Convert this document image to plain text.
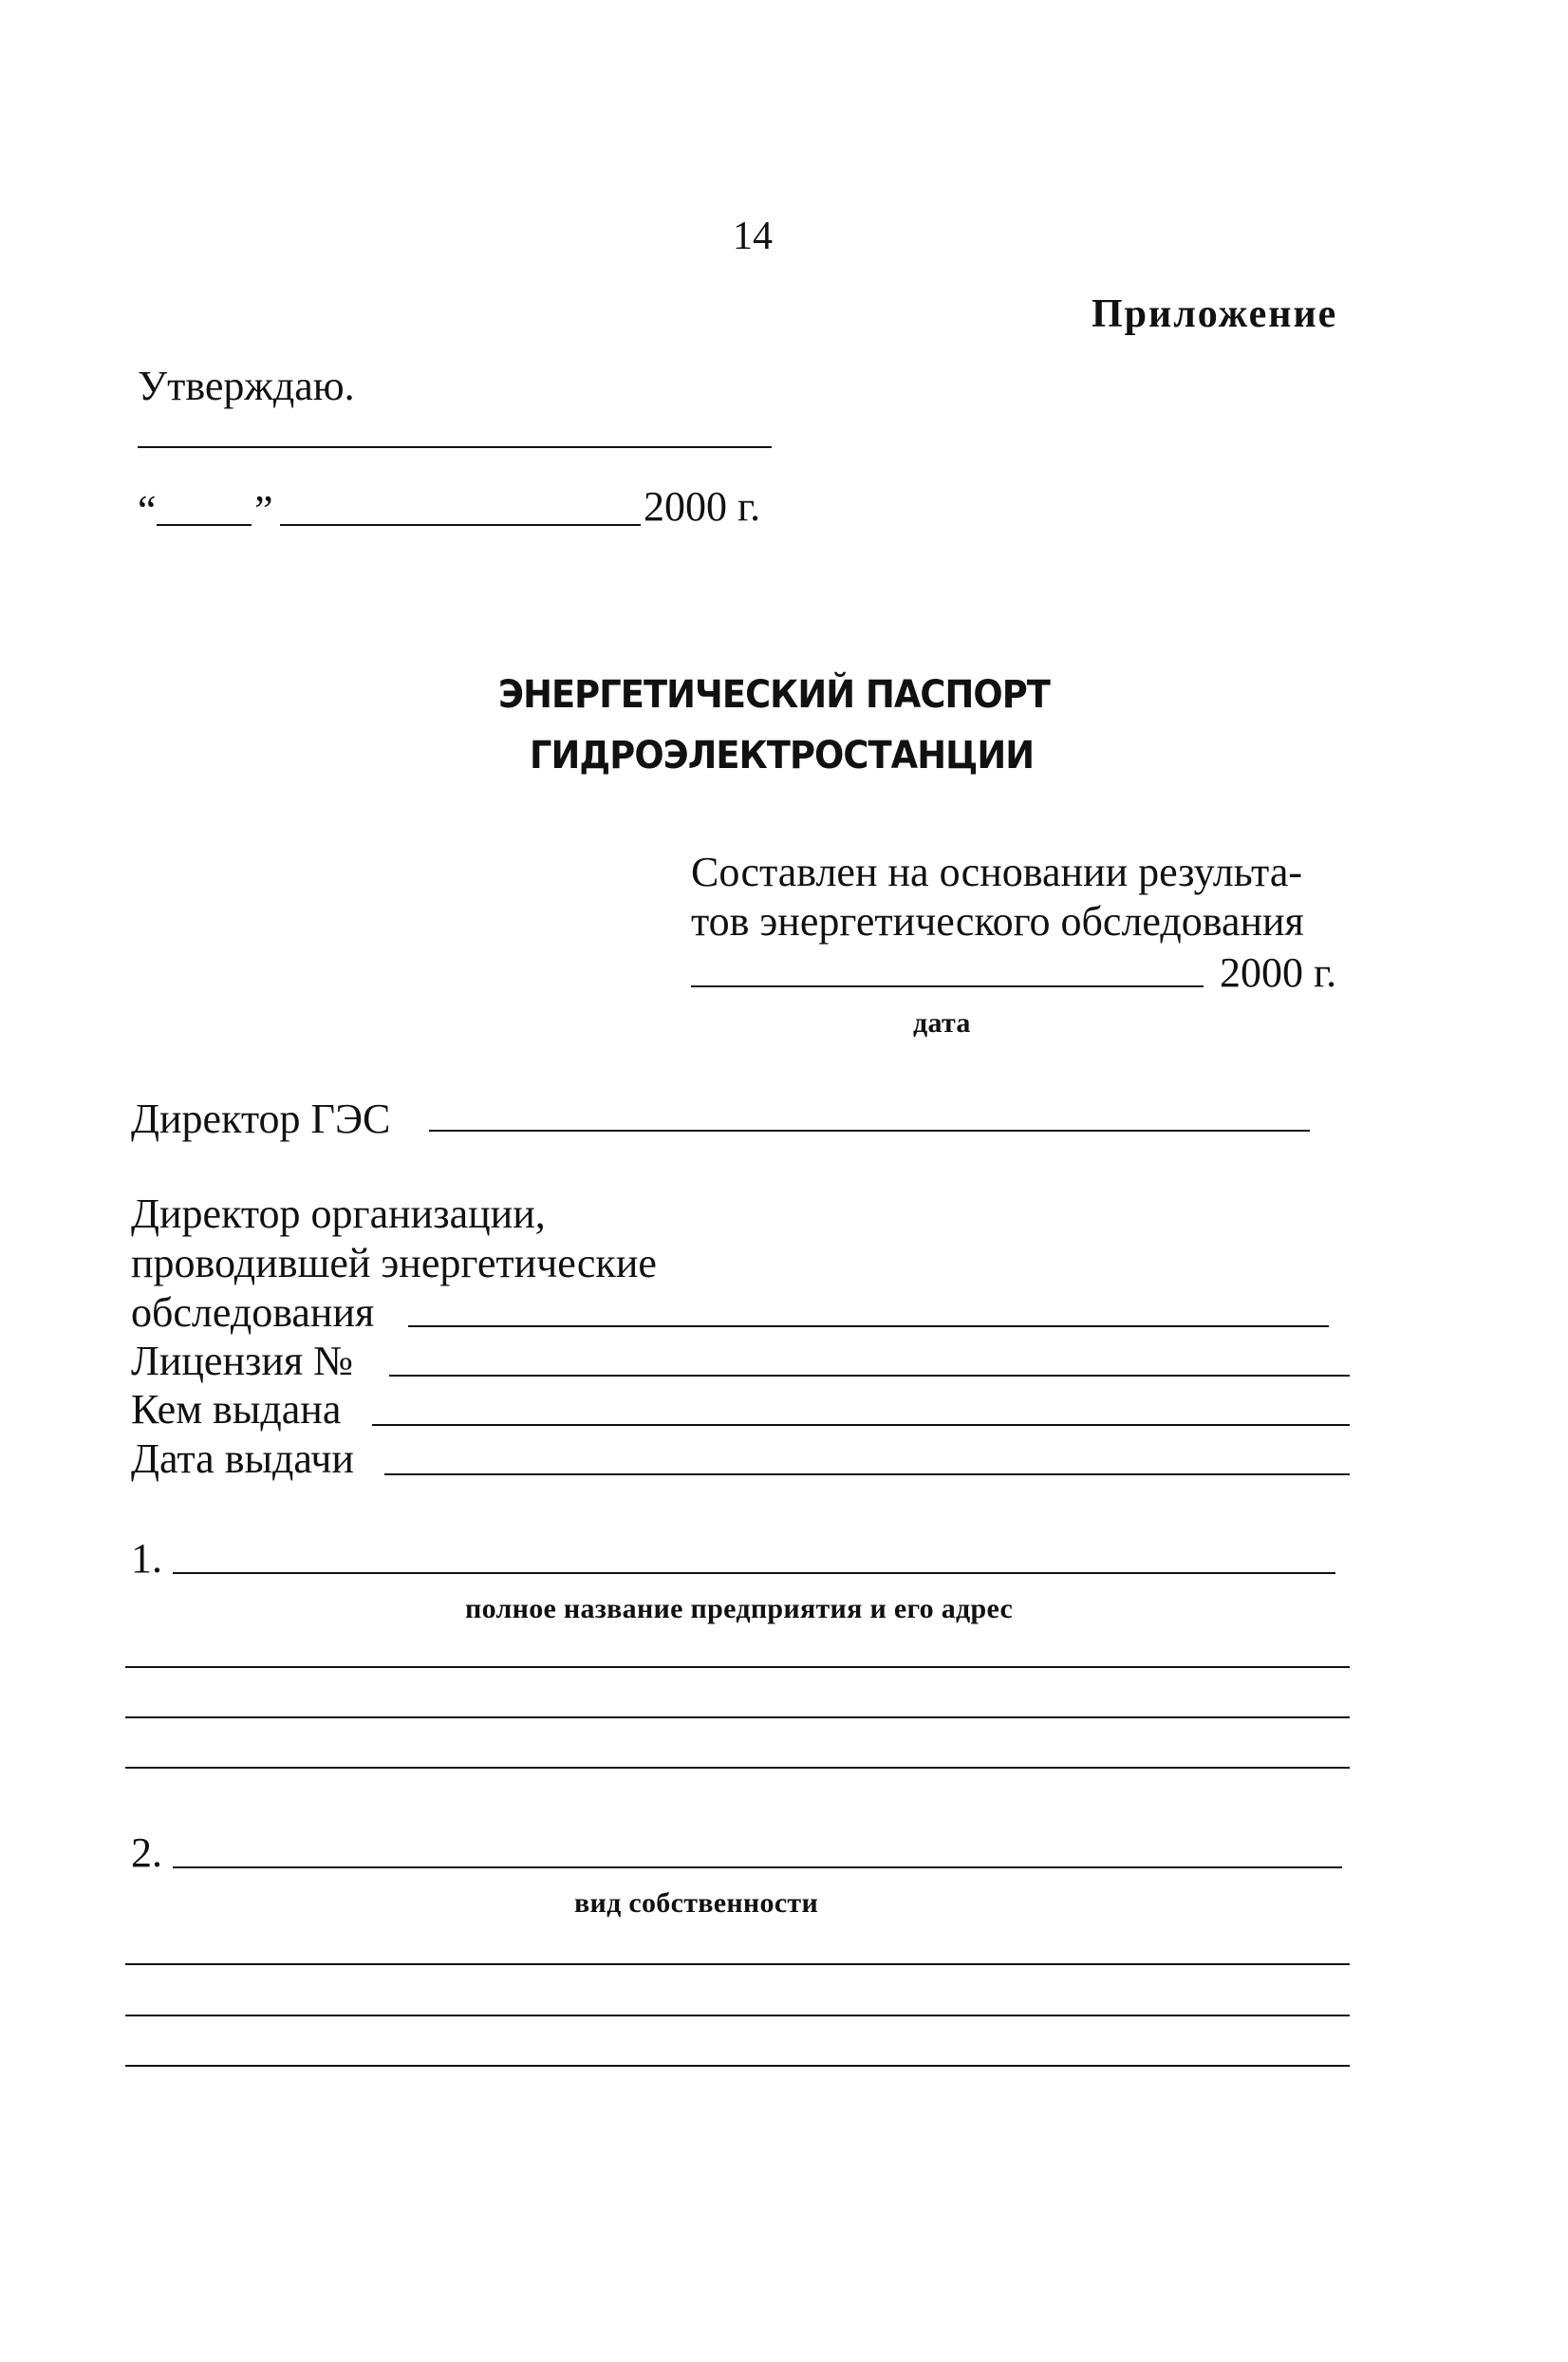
14
Приложение
Утверждаю.
“ ”	2000 г.
ЭНЕРГЕТИЧЕСКИЙ ПАСПОРТ
ГИДРОЭЛЕКТРОСТАНЦИИ
Составлен на основании результа-
тов энергетического обследования
2000 г.
дата
Директор ГЭС
Директор организации,
проводившей энергетические
обследования
Лицензия №
Кем выдана
Дата выдачи
1.
полное название предприятия и его адрес
2.
вид собственности
